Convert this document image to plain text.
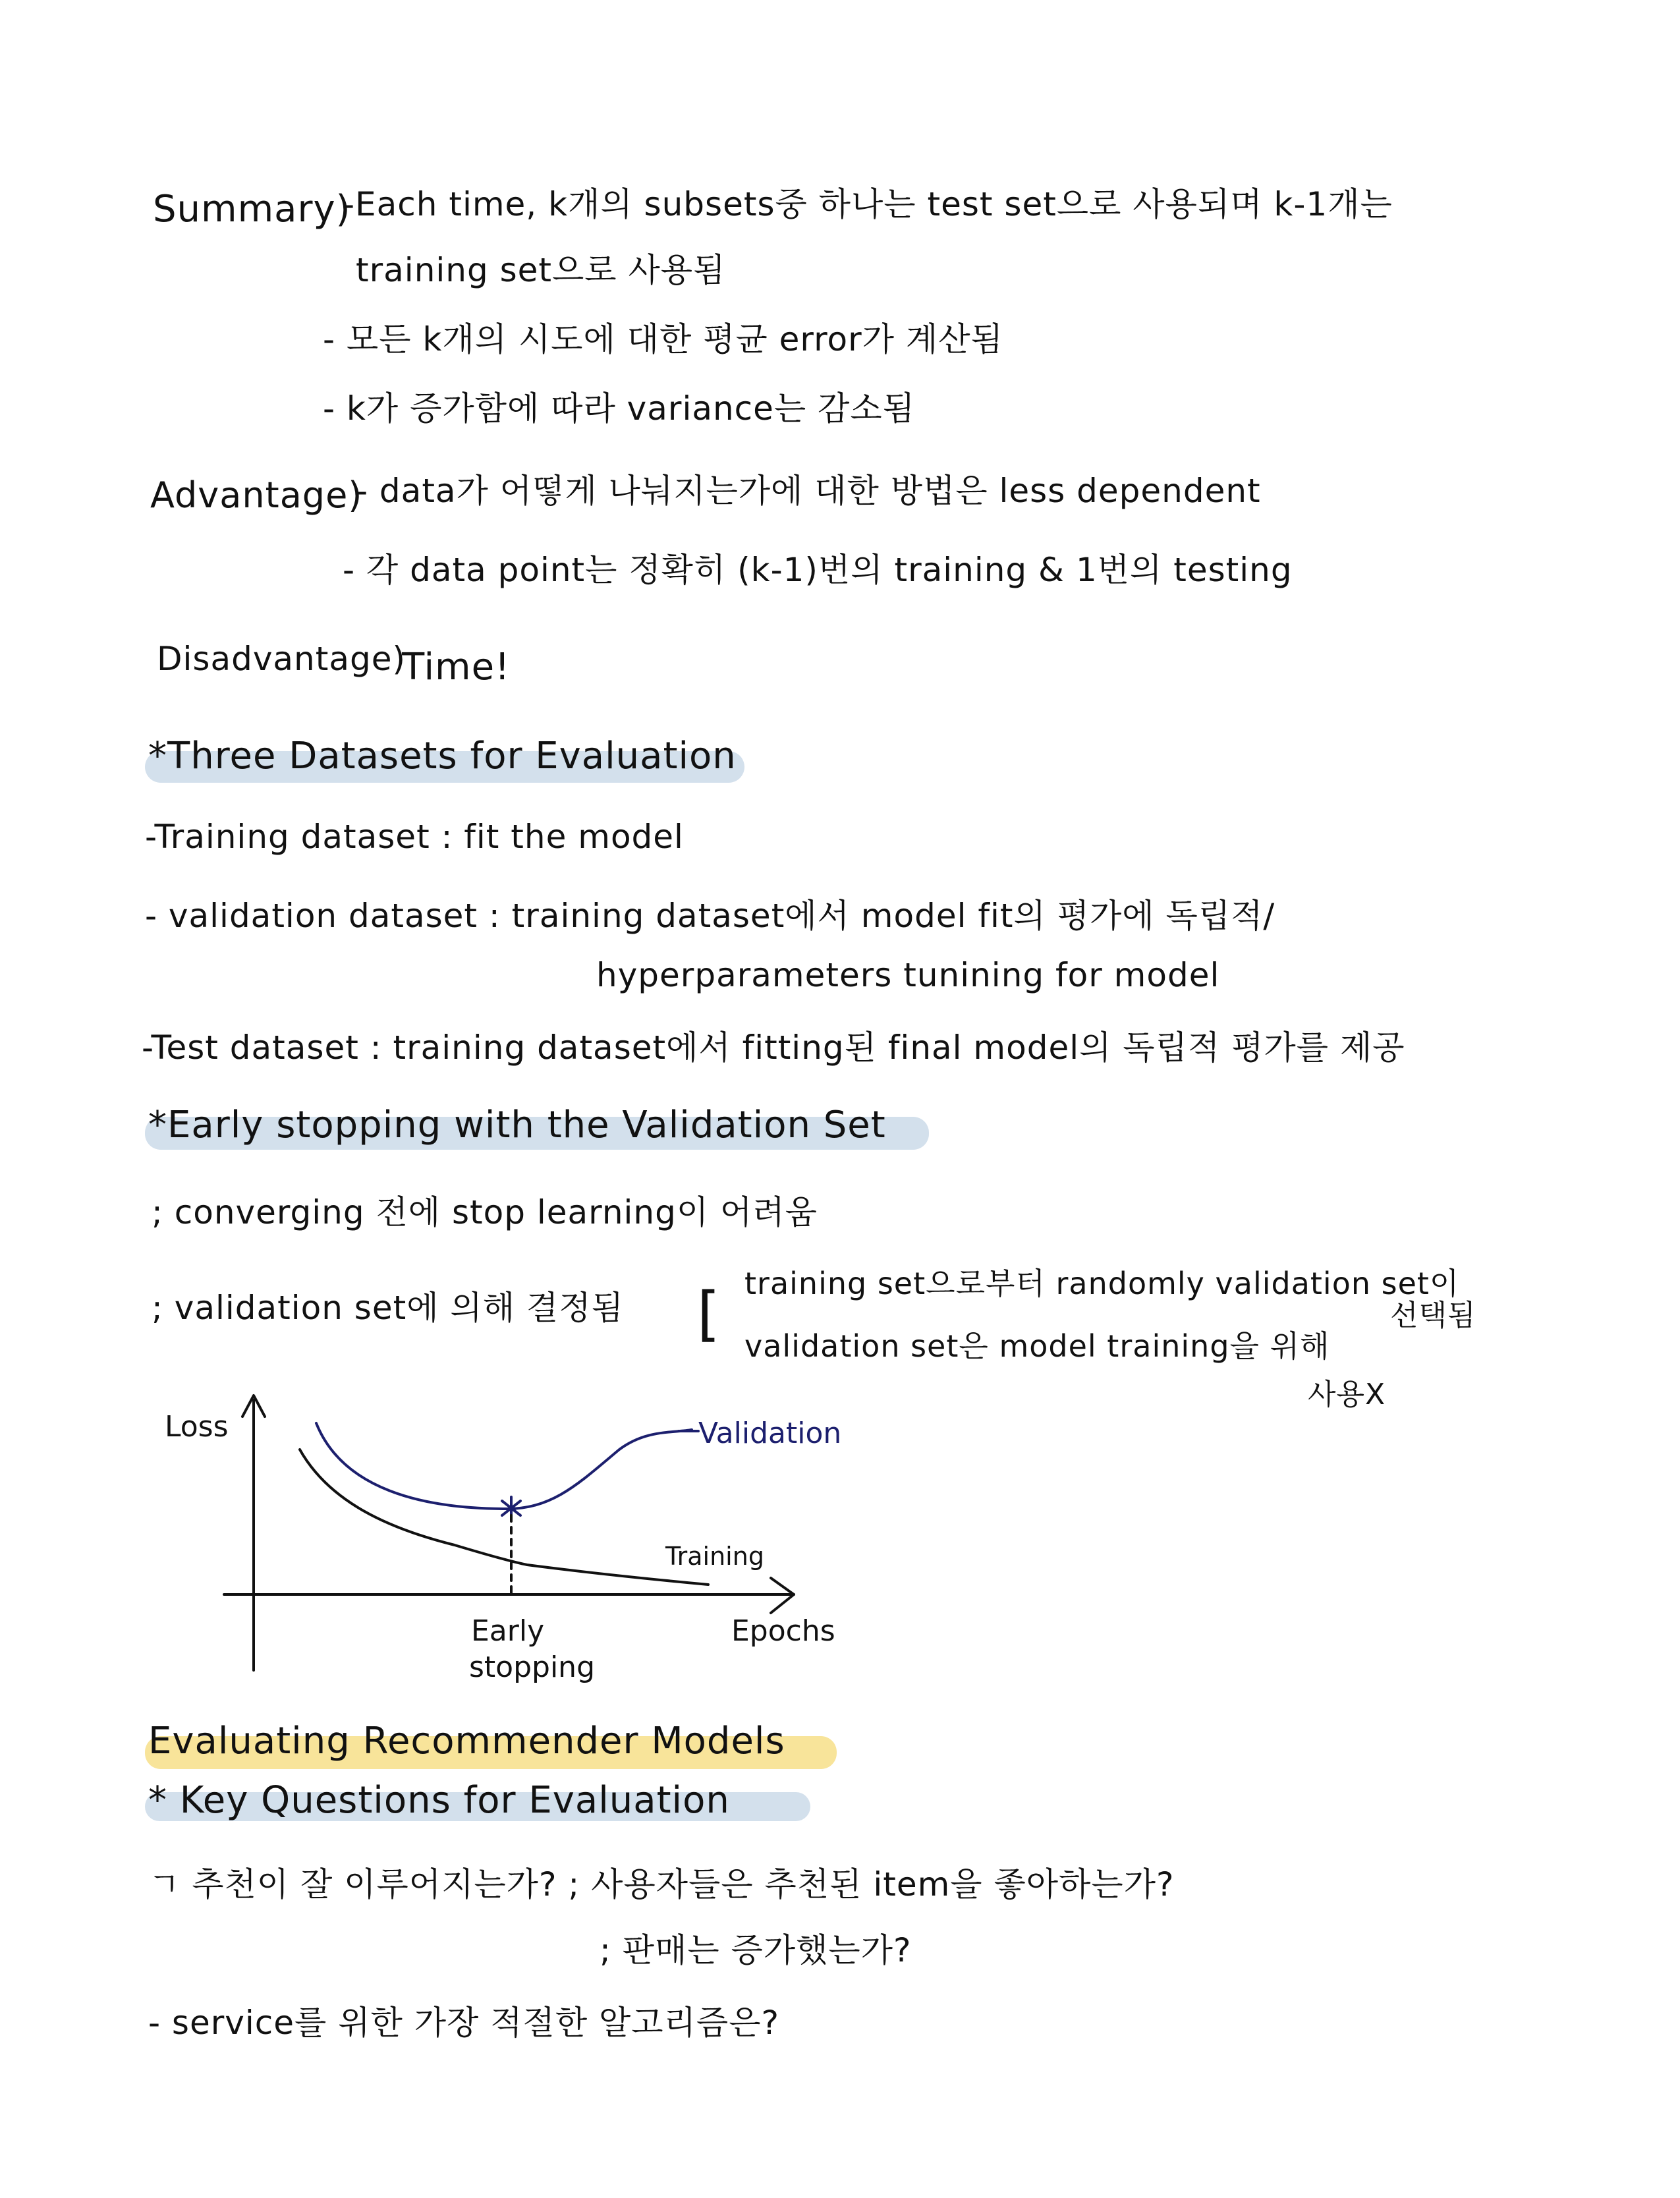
Summary)
-Each time, k개의 subsets중 하나는 test set으로 사용되며 k-1개는
training set으로 사용됨
- 모든 k개의 시도에 대한 평균 error가 계산됨
- k가 증가함에 따라 variance는 감소됨
Advantage)
- data가 어떻게 나눠지는가에 대한 방법은 less dependent
- 각 data point는 정확히 (k-1)번의 training & 1번의 testing
Disadvantage)
Time!
*Three Datasets for Evaluation
-Training dataset : fit the model
- validation dataset : training dataset에서 model fit의 평가에 독립적/
hyperparameters tunining for model
-Test dataset : training dataset에서 fitting된 final model의 독립적 평가를 제공
*Early stopping with the Validation Set
; converging 전에 stop learning이 어려움
; validation set에 의해 결정됨 [ training set으로부터 randomly validation set이
선택됨
validation set은 model training을 위해
사용X
Loss	Validation
Training
Early
stopping
Epochs
Evaluating Recommender Models
* Key Questions for Evaluation
ㄱ 추천이 잘 이루어지는가? ; 사용자들은 추천된 item을 좋아하는가?
; 판매는 증가했는가?
- service를 위한 가장 적절한 알고리즘은?
